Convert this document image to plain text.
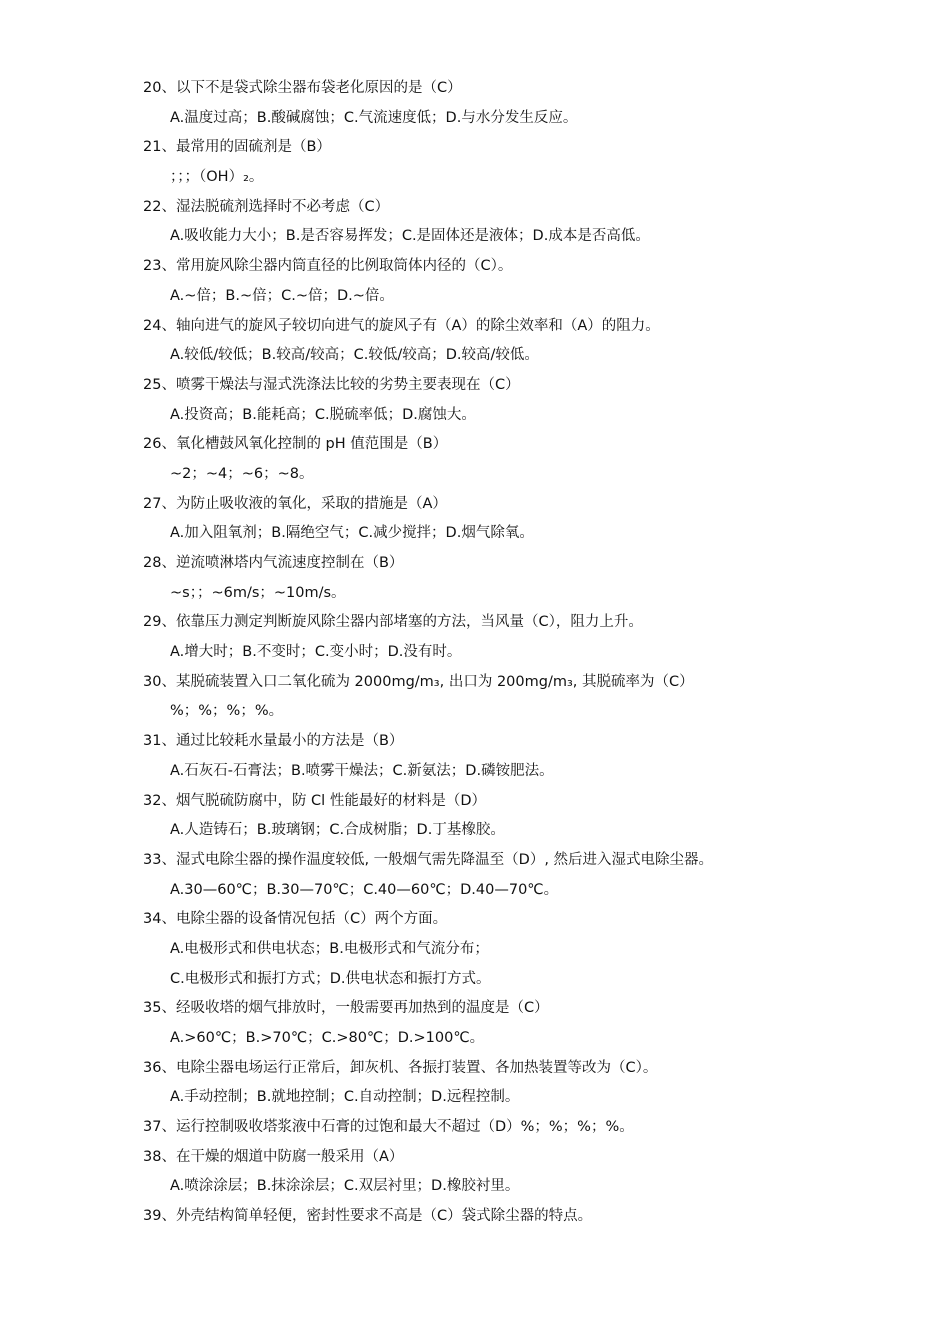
20、以下不是袋式除尘器布袋老化原因的是（C）
A.温度过高；B.酸碱腐蚀；C.气流速度低；D.与水分发生反应。
21、最常用的固硫剂是（B）
；；；（OH）₂。
22、湿法脱硫剂选择时不必考虑（C）
A.吸收能力大小；B.是否容易挥发；C.是固体还是液体；D.成本是否高低。
23、常用旋风除尘器内筒直径的比例取筒体内径的（C）。
A.~倍；B.~倍；C.~倍；D.~倍。
24、轴向进气的旋风子较切向进气的旋风子有（A）的除尘效率和（A）的阻力。
A.较低/较低；B.较高/较高；C.较低/较高；D.较高/较低。
25、喷雾干燥法与湿式洗涤法比较的劣势主要表现在（C）
A.投资高；B.能耗高；C.脱硫率低；D.腐蚀大。
26、氧化槽鼓风氧化控制的 pH 值范围是（B）
~2；~4；~6；~8。
27、为防止吸收液的氧化，采取的措施是（A）
A.加入阻氧剂；B.隔绝空气；C.减少搅拌；D.烟气除氧。
28、逆流喷淋塔内气流速度控制在（B）
~s；；~6m/s；~10m/s。
29、依靠压力测定判断旋风除尘器内部堵塞的方法，当风量（C），阻力上升。
A.增大时；B.不变时；C.变小时；D.没有时。
30、某脱硫装置入口二氧化硫为 2000mg/m₃, 出口为 200mg/m₃, 其脱硫率为（C）
%；%；%；%。
31、通过比较耗水量最小的方法是（B）
A.石灰石-石膏法；B.喷雾干燥法；C.新氨法；D.磷铵肥法。
32、烟气脱硫防腐中，防 Cl 性能最好的材料是（D）
A.人造铸石；B.玻璃钢；C.合成树脂；D.丁基橡胶。
33、湿式电除尘器的操作温度较低, 一般烟气需先降温至（D）, 然后进入湿式电除尘器。
A.30—60℃；B.30—70℃；C.40—60℃；D.40—70℃。
34、电除尘器的设备情况包括（C）两个方面。
A.电极形式和供电状态；B.电极形式和气流分布；
C.电极形式和振打方式；D.供电状态和振打方式。
35、经吸收塔的烟气排放时，一般需要再加热到的温度是（C）
A.>60℃；B.>70℃；C.>80℃；D.>100℃。
36、电除尘器电场运行正常后，卸灰机、各振打装置、各加热装置等改为（C）。
A.手动控制；B.就地控制；C.自动控制；D.远程控制。
37、运行控制吸收塔浆液中石膏的过饱和最大不超过（D）%；%；%；%。
38、在干燥的烟道中防腐一般采用（A）
A.喷涂涂层；B.抹涂涂层；C.双层衬里；D.橡胶衬里。
39、外壳结构简单轻便，密封性要求不高是（C）袋式除尘器的特点。
